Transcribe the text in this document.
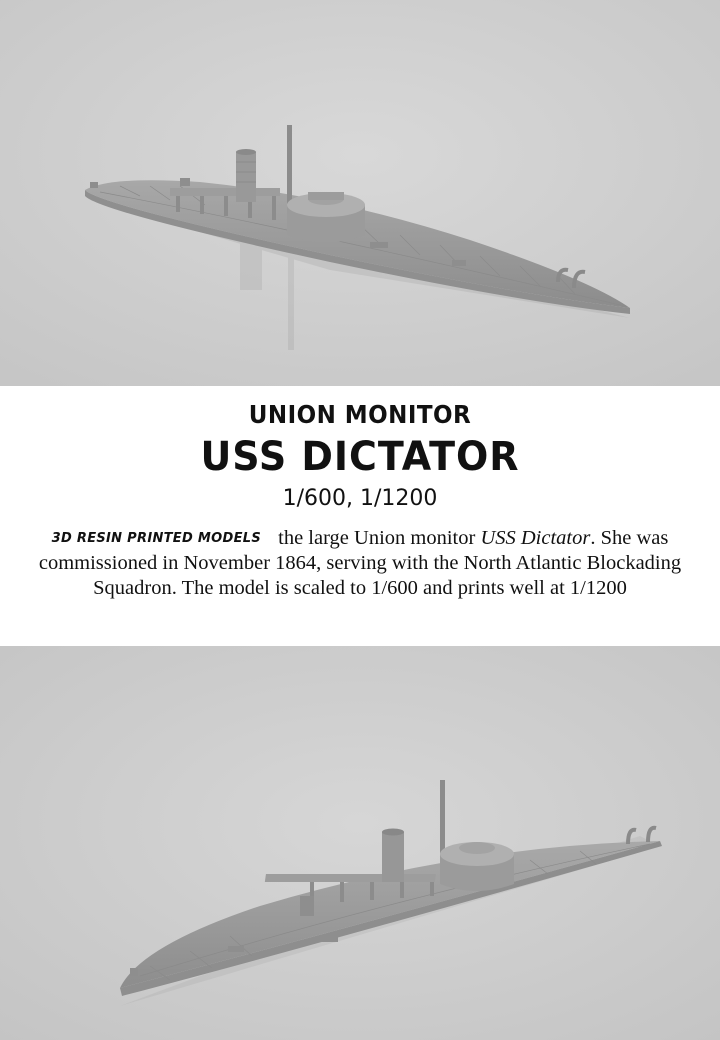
UNION MONITOR
USS DICTATOR
1/600, 1/1200
3D RESIN PRINTED MODELS the large Union monitor USS Dictator. She was commissioned in November 1864, serving with the North Atlantic Blockading Squadron. The model is scaled to 1/600 and prints well at 1/1200
